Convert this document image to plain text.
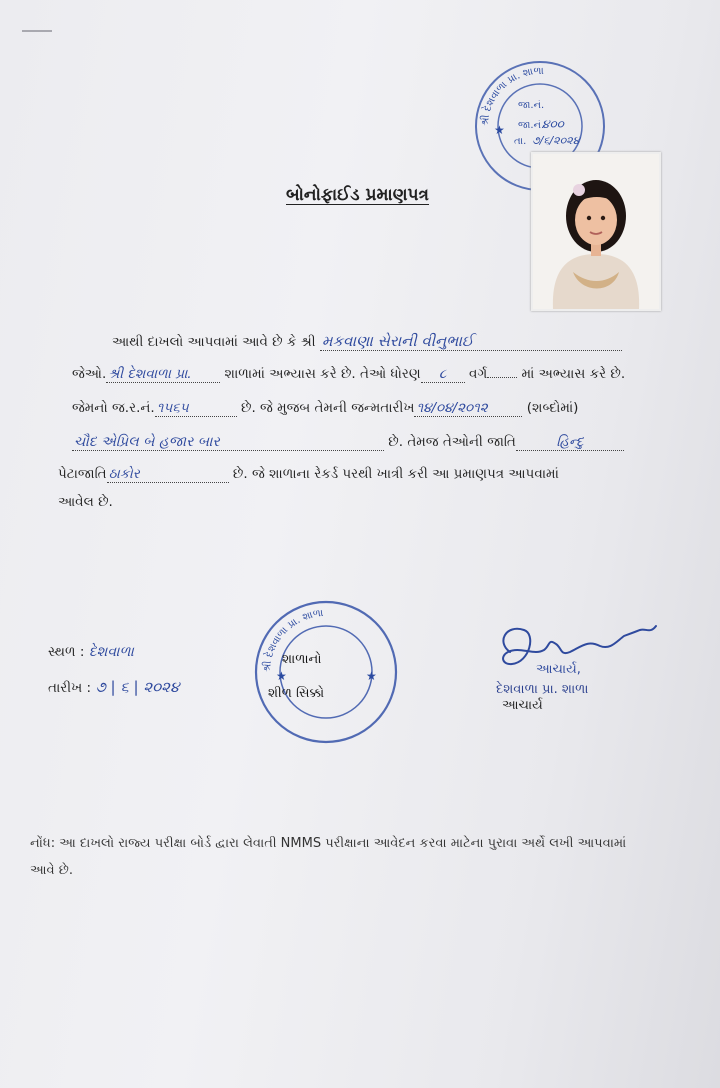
શ્રી દેશવાળા પ્રા. શાળા
જા.નં.
જા.નં.
૪૦૦
તા. ૭/૬/૨૦૨૪
★
બોનોફાઈડ પ્રમાણપત્ર
આથી દાખલો આપવામાં આવે છે કે શ્રી મકવાણા સેરાની વીનુભાઈ
જેઓ. શ્રી દેશવાળા પ્રા. શાળામાં અભ્યાસ કરે છે. તેઓ ધોરણ ૮ વર્ગ	માં અભ્યાસ કરે છે.
જેમનો જ.ર.નં. ૧૫૬૫	છે. જે મુજબ તેમની જન્મતારીખ ૧૪/૦૪/૨૦૧૨	(શબ્દોમાં)
ચૌદ એપ્રિલ બે હજાર બાર	છે. તેમજ તેઓની જાતિ	હિન્દુ
પેટાજાતિ ઠાકોર	છે. જે શાળાના રેકર્ડ પરથી ખાત્રી કરી આ પ્રમાણપત્ર આપવામાં
આવેલ છે.
સ્થળ : દેશવાળા
તારીખ : ૭ | ૬ | ૨૦૨૪
શ્રી દેશવાળા પ્રા. શાળા
★	★
શાળાનો
શીળ સિક્કો
આચાર્ય,
દેશવાળા પ્રા. શાળા
આચાર્ય
નોંધ: આ દાખલો રાજ્ય પરીક્ષા બોર્ડ દ્વારા લેવાતી NMMS પરીક્ષાના આવેદન કરવા માટેના પુરાવા અર્થે લખી આપવામાં આવે છે.
